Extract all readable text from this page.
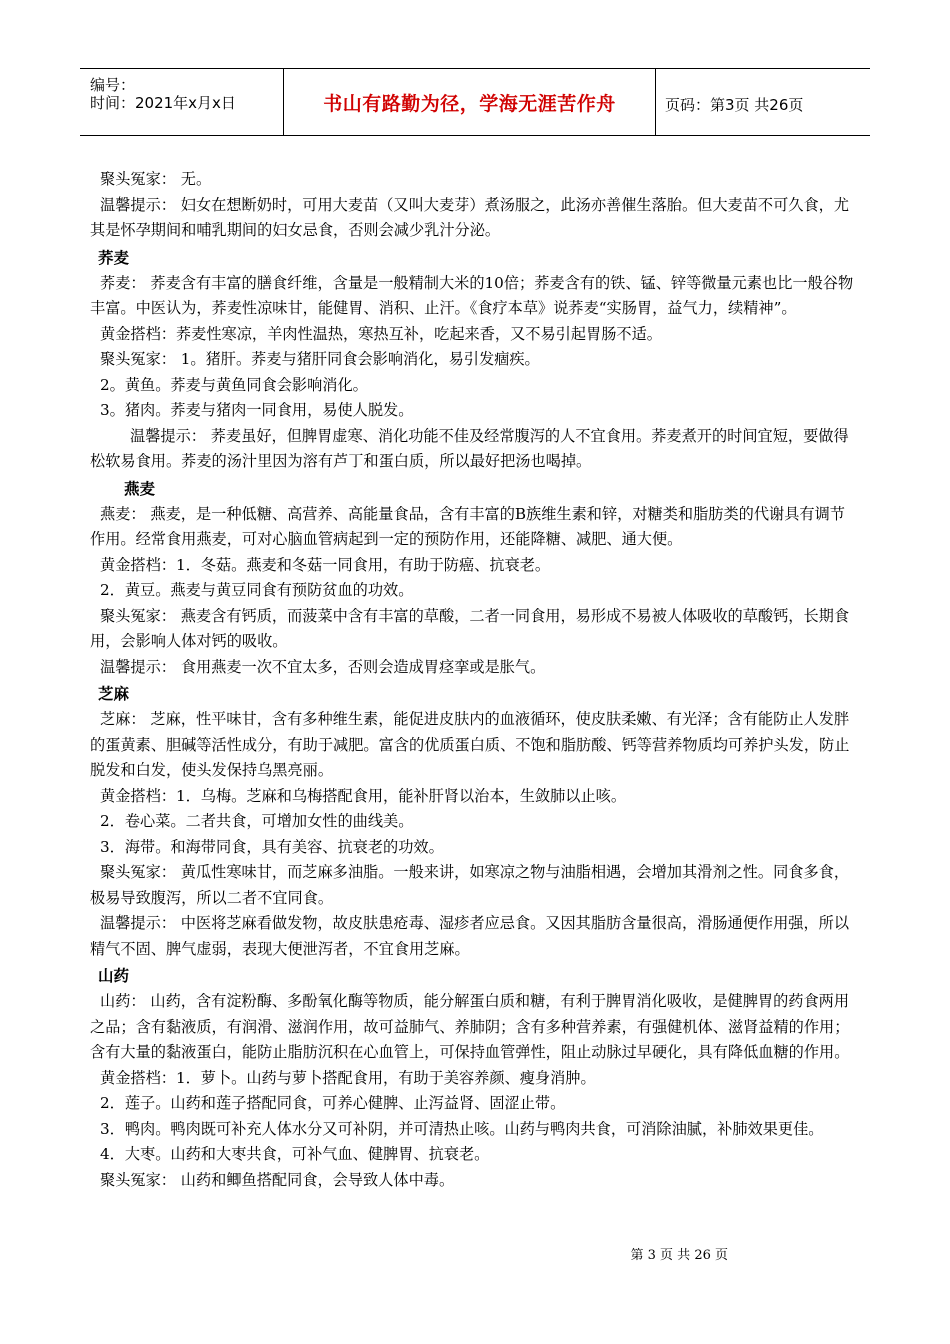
编号：
时间：2021年x月x日	书山有路勤为径，学海无涯苦作舟	页码：第3页 共26页

聚头冤家： 无。

温馨提示： 妇女在想断奶时，可用大麦苗（又叫大麦芽）煮汤服之，此汤亦善催生落胎。但大麦苗不可久食，尤其是怀孕期间和哺乳期间的妇女忌食，否则会减少乳汁分泌。

荞麦

荞麦： 荞麦含有丰富的膳食纤维，含量是一般精制大米的10倍；荞麦含有的铁、锰、锌等微量元素也比一般谷物丰富。中医认为，荞麦性凉味甘，能健胃、消积、止汗。《食疗本草》说荞麦“实肠胃，益气力，续精神”。

黄金搭档：荞麦性寒凉，羊肉性温热，寒热互补，吃起来香，又不易引起胃肠不适。

聚头冤家： 1。猪肝。荞麦与猪肝同食会影响消化，易引发痼疾。

2。黄鱼。荞麦与黄鱼同食会影响消化。

3。猪肉。荞麦与猪肉一同食用，易使人脱发。

温馨提示： 荞麦虽好，但脾胃虚寒、消化功能不佳及经常腹泻的人不宜食用。荞麦煮开的时间宜短，要做得松软易食用。荞麦的汤汁里因为溶有芦丁和蛋白质，所以最好把汤也喝掉。

燕麦

燕麦： 燕麦，是一种低糖、高营养、高能量食品，含有丰富的B族维生素和锌，对糖类和脂肪类的代谢具有调节作用。经常食用燕麦，可对心脑血管病起到一定的预防作用，还能降糖、减肥、通大便。

黄金搭档：1．冬菇。燕麦和冬菇一同食用，有助于防癌、抗衰老。

2．黄豆。燕麦与黄豆同食有预防贫血的功效。

聚头冤家： 燕麦含有钙质，而菠菜中含有丰富的草酸，二者一同食用，易形成不易被人体吸收的草酸钙，长期食用，会影响人体对钙的吸收。

温馨提示： 食用燕麦一次不宜太多，否则会造成胃痉挛或是胀气。

芝麻

芝麻： 芝麻，性平味甘，含有多种维生素，能促进皮肤内的血液循环，使皮肤柔嫩、有光泽；含有能防止人发胖的蛋黄素、胆碱等活性成分，有助于减肥。富含的优质蛋白质、不饱和脂肪酸、钙等营养物质均可养护头发，防止脱发和白发，使头发保持乌黑亮丽。

黄金搭档：1．乌梅。芝麻和乌梅搭配食用，能补肝肾以治本，生敛肺以止咳。

2．卷心菜。二者共食，可增加女性的曲线美。

3．海带。和海带同食，具有美容、抗衰老的功效。

聚头冤家： 黄瓜性寒味甘，而芝麻多油脂。一般来讲，如寒凉之物与油脂相遇，会增加其滑剂之性。同食多食，极易导致腹泻，所以二者不宜同食。

温馨提示： 中医将芝麻看做发物，故皮肤患疮毒、湿疹者应忌食。又因其脂肪含量很高，滑肠通便作用强，所以精气不固、脾气虚弱，表现大便泄泻者，不宜食用芝麻。

山药

山药： 山药，含有淀粉酶、多酚氧化酶等物质，能分解蛋白质和糖，有利于脾胃消化吸收，是健脾胃的药食两用之品；含有黏液质，有润滑、滋润作用，故可益肺气、养肺阴；含有多种营养素，有强健机体、滋肾益精的作用；含有大量的黏液蛋白，能防止脂肪沉积在心血管上，可保持血管弹性，阻止动脉过早硬化，具有降低血糖的作用。

黄金搭档：1．萝卜。山药与萝卜搭配食用，有助于美容养颜、瘦身消肿。

2．莲子。山药和莲子搭配同食，可养心健脾、止泻益肾、固涩止带。

3．鸭肉。鸭肉既可补充人体水分又可补阴，并可清热止咳。山药与鸭肉共食，可消除油腻，补肺效果更佳。

4．大枣。山药和大枣共食，可补气血、健脾胃、抗衰老。

聚头冤家： 山药和鲫鱼搭配同食，会导致人体中毒。

第 3 页 共 26 页
